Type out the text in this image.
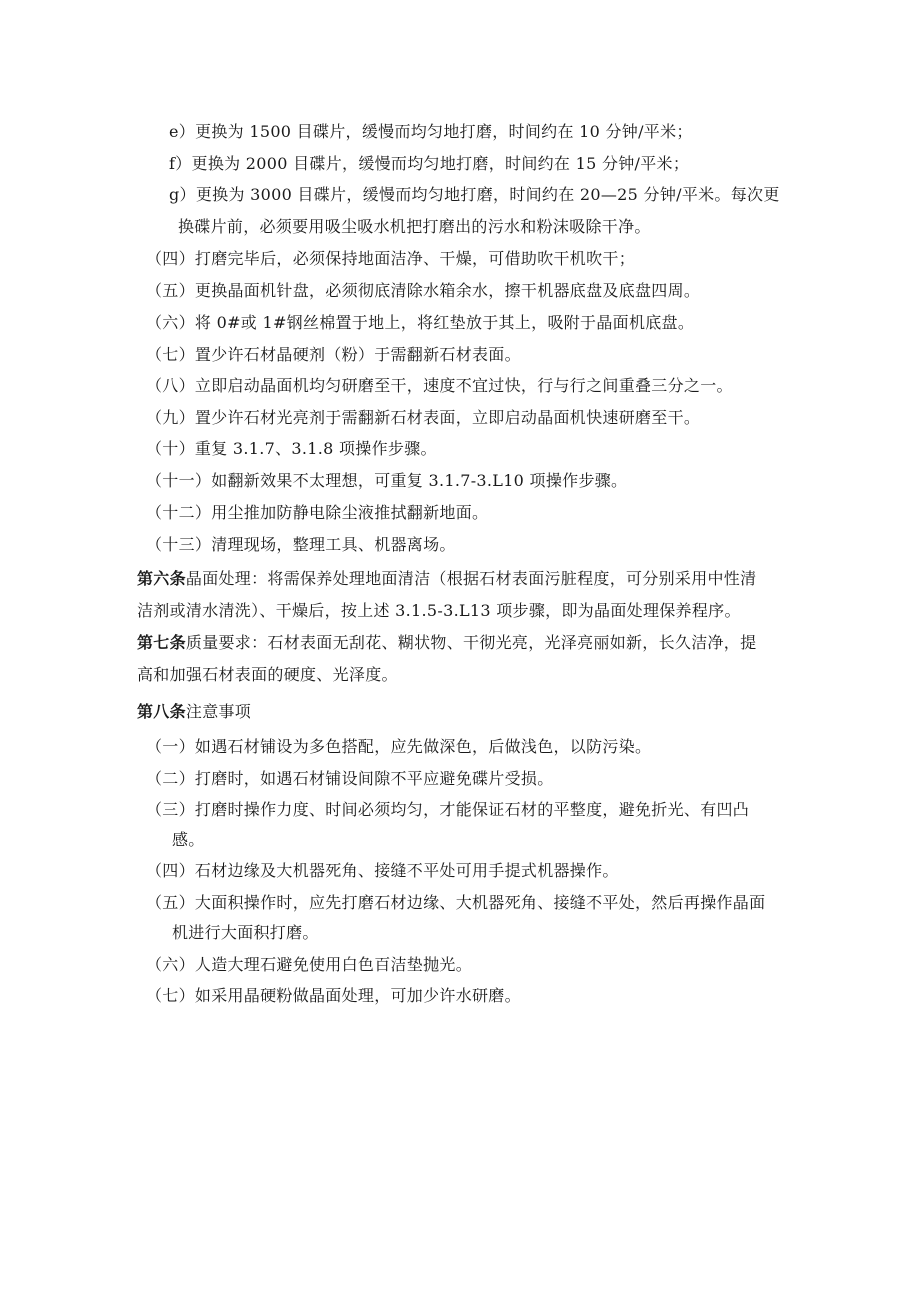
e）更换为 1500 目碟片，缓慢而均匀地打磨，时间约在 10 分钟/平米；
f）更换为 2000 目碟片，缓慢而均匀地打磨，时间约在 15 分钟/平米；
g）更换为 3000 目碟片，缓慢而均匀地打磨，时间约在 20—25 分钟/平米。每次更
换碟片前，必须要用吸尘吸水机把打磨出的污水和粉沫吸除干净。
（四）打磨完毕后，必须保持地面洁净、干燥，可借助吹干机吹干；
（五）更换晶面机针盘，必须彻底清除水箱余水，擦干机器底盘及底盘四周。
（六）将 0#或 1#钢丝棉置于地上，将红垫放于其上，吸附于晶面机底盘。
（七）置少许石材晶硬剂（粉）于需翻新石材表面。
（八）立即启动晶面机均匀研磨至干，速度不宜过快，行与行之间重叠三分之一。
（九）置少许石材光亮剂于需翻新石材表面，立即启动晶面机快速研磨至干。
（十）重复 3.1.7、3.1.8 项操作步骤。
（十一）如翻新效果不太理想，可重复 3.1.7-3.L10 项操作步骤。
（十二）用尘推加防静电除尘液推拭翻新地面。
（十三）清理现场，整理工具、机器离场。
第六条晶面处理：将需保养处理地面清洁（根据石材表面污脏程度，可分别采用中性清
洁剂或清水清洗）、干燥后，按上述 3.1.5-3.L13 项步骤，即为晶面处理保养程序。
第七条质量要求：石材表面无刮花、糊状物、干彻光亮，光泽亮丽如新，长久洁净，提
高和加强石材表面的硬度、光泽度。
第八条注意事项
（一）如遇石材铺设为多色搭配，应先做深色，后做浅色，以防污染。
（二）打磨时，如遇石材铺设间隙不平应避免碟片受损。
（三）打磨时操作力度、时间必须均匀，才能保证石材的平整度，避免折光、有凹凸
感。
（四）石材边缘及大机器死角、接缝不平处可用手提式机器操作。
（五）大面积操作时，应先打磨石材边缘、大机器死角、接缝不平处，然后再操作晶面
机进行大面积打磨。
（六）人造大理石避免使用白色百洁垫抛光。
（七）如采用晶硬粉做晶面处理，可加少许水研磨。
